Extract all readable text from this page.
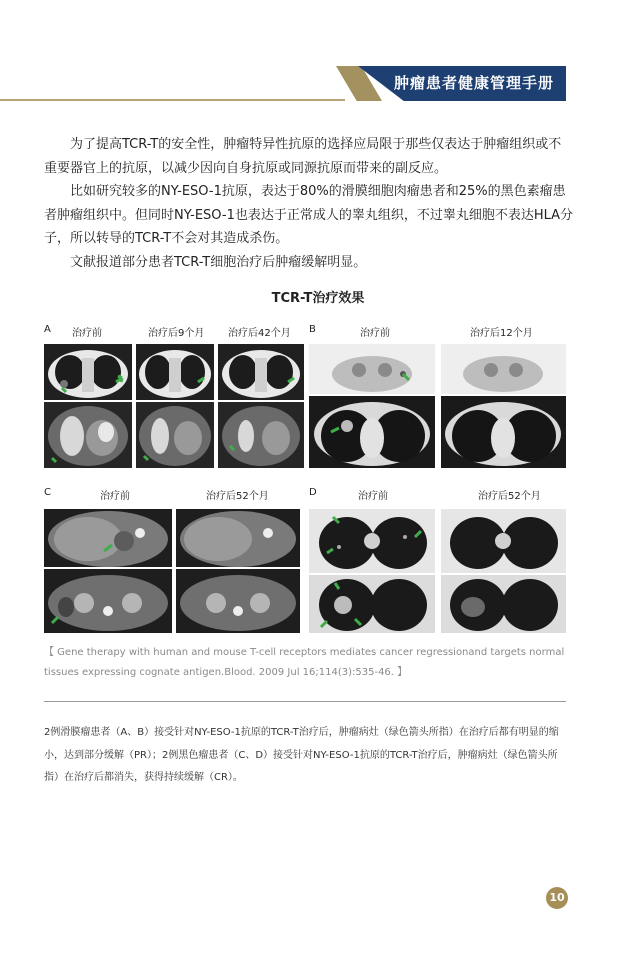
肿瘤患者健康管理手册

为了提高TCR-T的安全性，肿瘤特异性抗原的选择应局限于那些仅表达于肿瘤组织或不重要器官上的抗原，以减少因向自身抗原或同源抗原而带来的副反应。

比如研究较多的NY-ESO-1抗原，表达于80%的滑膜细胞肉瘤患者和25%的黑色素瘤患者肿瘤组织中。但同时NY-ESO-1也表达于正常成人的睾丸组织，不过睾丸细胞不表达HLA分子，所以转导的TCR-T不会对其造成杀伤。

文献报道部分患者TCR-T细胞治疗后肿瘤缓解明显。

TCR-T治疗效果
A 治疗前	治疗后9个月 治疗后42个月 B	治疗前	治疗后12个月
C	治疗前	治疗后52个月	D	治疗前	治疗后52个月
【 Gene therapy with human and mouse T-cell receptors mediates cancer regressionand targets normal tissues expressing cognate antigen.Blood. 2009 Jul 16;114(3):535-46. 】
2例滑膜瘤患者（A、B）接受针对NY-ESO-1抗原的TCR-T治疗后，肿瘤病灶（绿色箭头所指）在治疗后都有明显的缩小，达到部分缓解（PR）；2例黑色瘤患者（C、D）接受针对NY-ESO-1抗原的TCR-T治疗后，肿瘤病灶（绿色箭头所指）在治疗后都消失，获得持续缓解（CR）。
10
